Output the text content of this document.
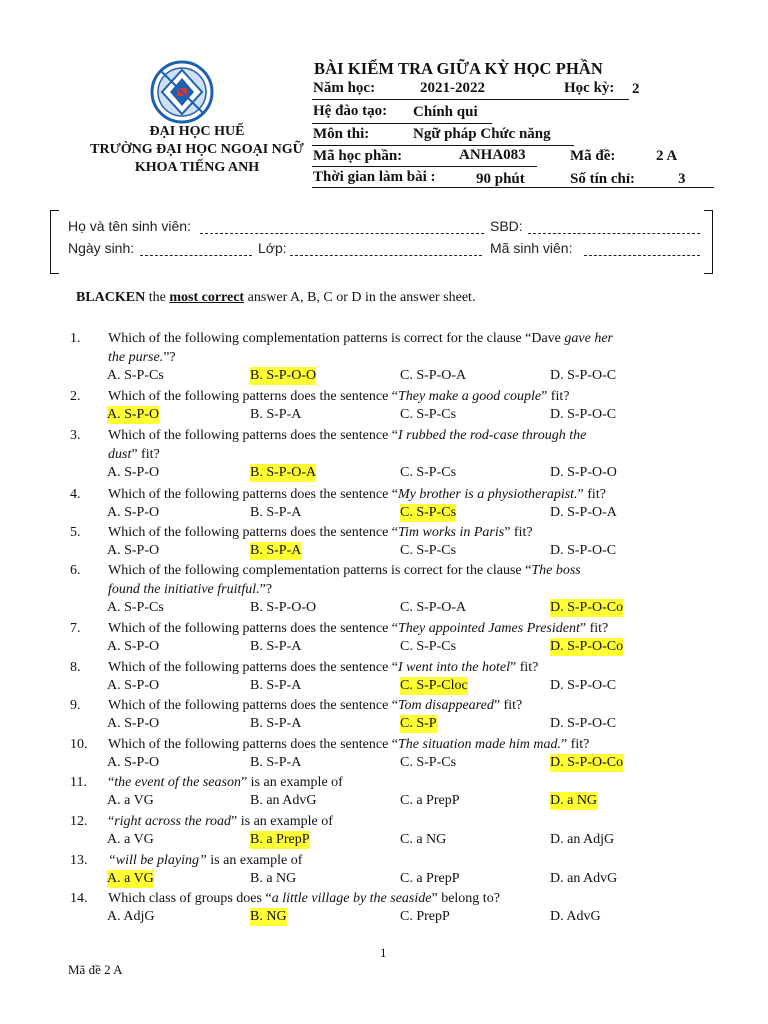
ĐẠI HỌC HUẾ
TRƯỜNG ĐẠI HỌC NGOẠI NGỮ
KHOA TIẾNG ANH
BÀI KIỂM TRA GIỮA KỲ HỌC PHẦN
Năm học:	2021-2022	Học kỳ: 2
Hệ đào tạo: Chính qui
Môn thi:	Ngữ pháp Chức năng
Mã học phần:	ANHA083	Mã đề:	2 A
Thời gian làm bài :	90 phút	Số tín chỉ:	3
Họ và tên sinh viên:	SBD:
Ngày sinh:	Lớp:	Mã sinh viên:
BLACKEN the most correct answer A, B, C or D in the answer sheet.
1. Which of the following complementation patterns is correct for the clause “Dave gave her
the purse.”?
A. S-P-Cs	B. S-P-O-O	C. S-P-O-A	D. S-P-O-C
2. Which of the following patterns does the sentence “They make a good couple” fit?
A. S-P-O	B. S-P-A	C. S-P-Cs	D. S-P-O-C
3. Which of the following patterns does the sentence “I rubbed the rod-case through the
dust” fit?
A. S-P-O	B. S-P-O-A	C. S-P-Cs	D. S-P-O-O
4. Which of the following patterns does the sentence “My brother is a physiotherapist.” fit?
A. S-P-O	B. S-P-A	C. S-P-Cs	D. S-P-O-A
5. Which of the following patterns does the sentence “Tim works in Paris” fit?
A. S-P-O	B. S-P-A	C. S-P-Cs	D. S-P-O-C
6. Which of the following complementation patterns is correct for the clause “The boss
found the initiative fruitful.”?
A. S-P-Cs	B. S-P-O-O	C. S-P-O-A	D. S-P-O-Co
7. Which of the following patterns does the sentence “They appointed James President” fit?
A. S-P-O	B. S-P-A	C. S-P-Cs	D. S-P-O-Co
8. Which of the following patterns does the sentence “I went into the hotel” fit?
A. S-P-O	B. S-P-A	C. S-P-Cloc	D. S-P-O-C
9. Which of the following patterns does the sentence “Tom disappeared” fit?
A. S-P-O	B. S-P-A	C. S-P	D. S-P-O-C
10. Which of the following patterns does the sentence “The situation made him mad.” fit?
A. S-P-O	B. S-P-A	C. S-P-Cs	D. S-P-O-Co
11. “the event of the season” is an example of
A. a VG	B. an AdvG	C. a PrepP	D. a NG
12. “right across the road” is an example of
A. a VG	B. a PrepP	C. a NG	D. an AdjG
13. “will be playing” is an example of
A. a VG	B. a NG	C. a PrepP	D. an AdvG
14. Which class of groups does “a little village by the seaside” belong to?
A. AdjG	B. NG	C. PrepP	D. AdvG
1
Mã đề 2 A
